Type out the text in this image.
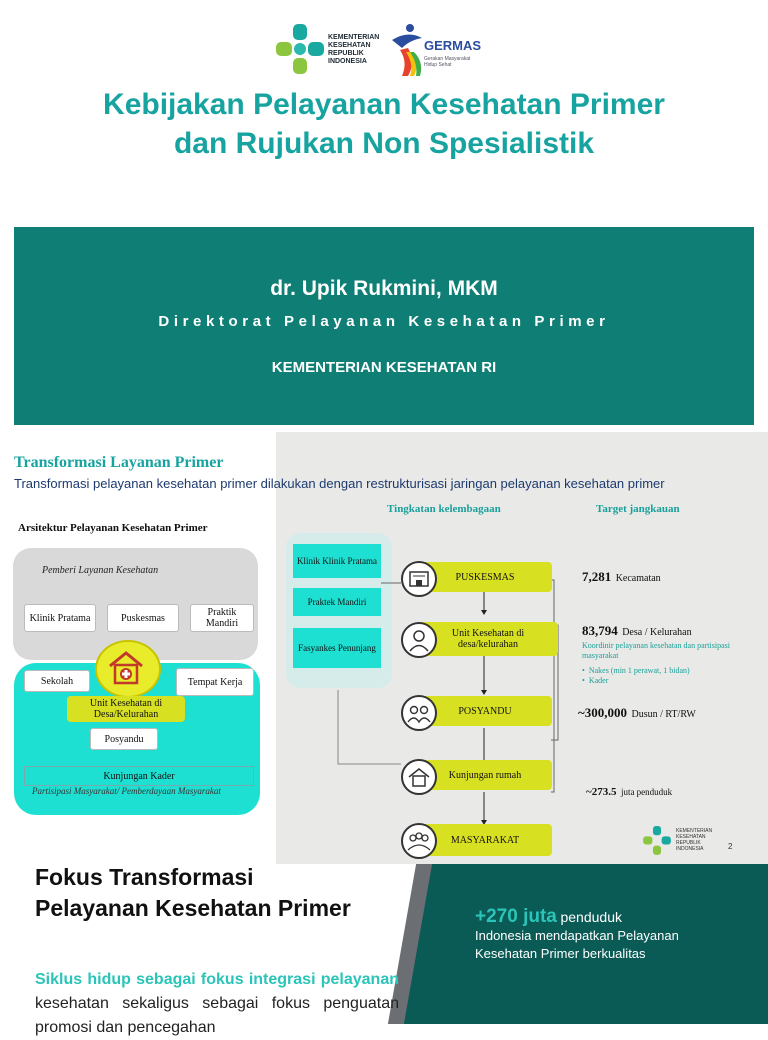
KEMENTERIAN
KESEHATAN
REPUBLIK
INDONESIA
GERMAS
Gerakan Masyarakat
Hidup Sehat
Kebijakan Pelayanan Kesehatan Primer
dan Rujukan Non Spesialistik
dr. Upik Rukmini, MKM
Direktorat Pelayanan Kesehatan Primer
KEMENTERIAN KESEHATAN RI
Transformasi Layanan Primer
Transformasi pelayanan kesehatan primer dilakukan dengan restrukturisasi jaringan pelayanan kesehatan primer
Arsitektur Pelayanan Kesehatan Primer
Pemberi Layanan Kesehatan
Klinik Pratama	Puskesmas	Praktik Mandiri
Sekolah	Tempat Kerja
Unit Kesehatan di Desa/Kelurahan
Posyandu
Kunjungan Kader
Partisipasi Masyarakat/ Pemberdayaan Masyarakat
Tingkatan kelembagaan	Target jangkauan
Klinik Klinik Pratama
Praktek Mandiri
Fasyankes Penunjang
PUSKESMAS
Unit Kesehatan di desa/kelurahan
POSYANDU
Kunjungan rumah
MASYARAKAT
7,281 Kecamatan
83,794 Desa / Kelurahan
Koordinir pelayanan kesehatan dan partisipasi masyarakat
•  Nakes (min 1 perawat, 1 bidan)
•  Kader
~300,000 Dusun / RT/RW
~273.5 juta penduduk
KEMENTERIAN
KESEHATAN
REPUBLIK
INDONESIA	2
Fokus Transformasi Pelayanan Kesehatan Primer
Siklus hidup sebagai fokus integrasi pelayanan kesehatan sekaligus sebagai fokus penguatan promosi dan pencegahan
+270 juta penduduk
Indonesia mendapatkan Pelayanan Kesehatan Primer berkualitas
